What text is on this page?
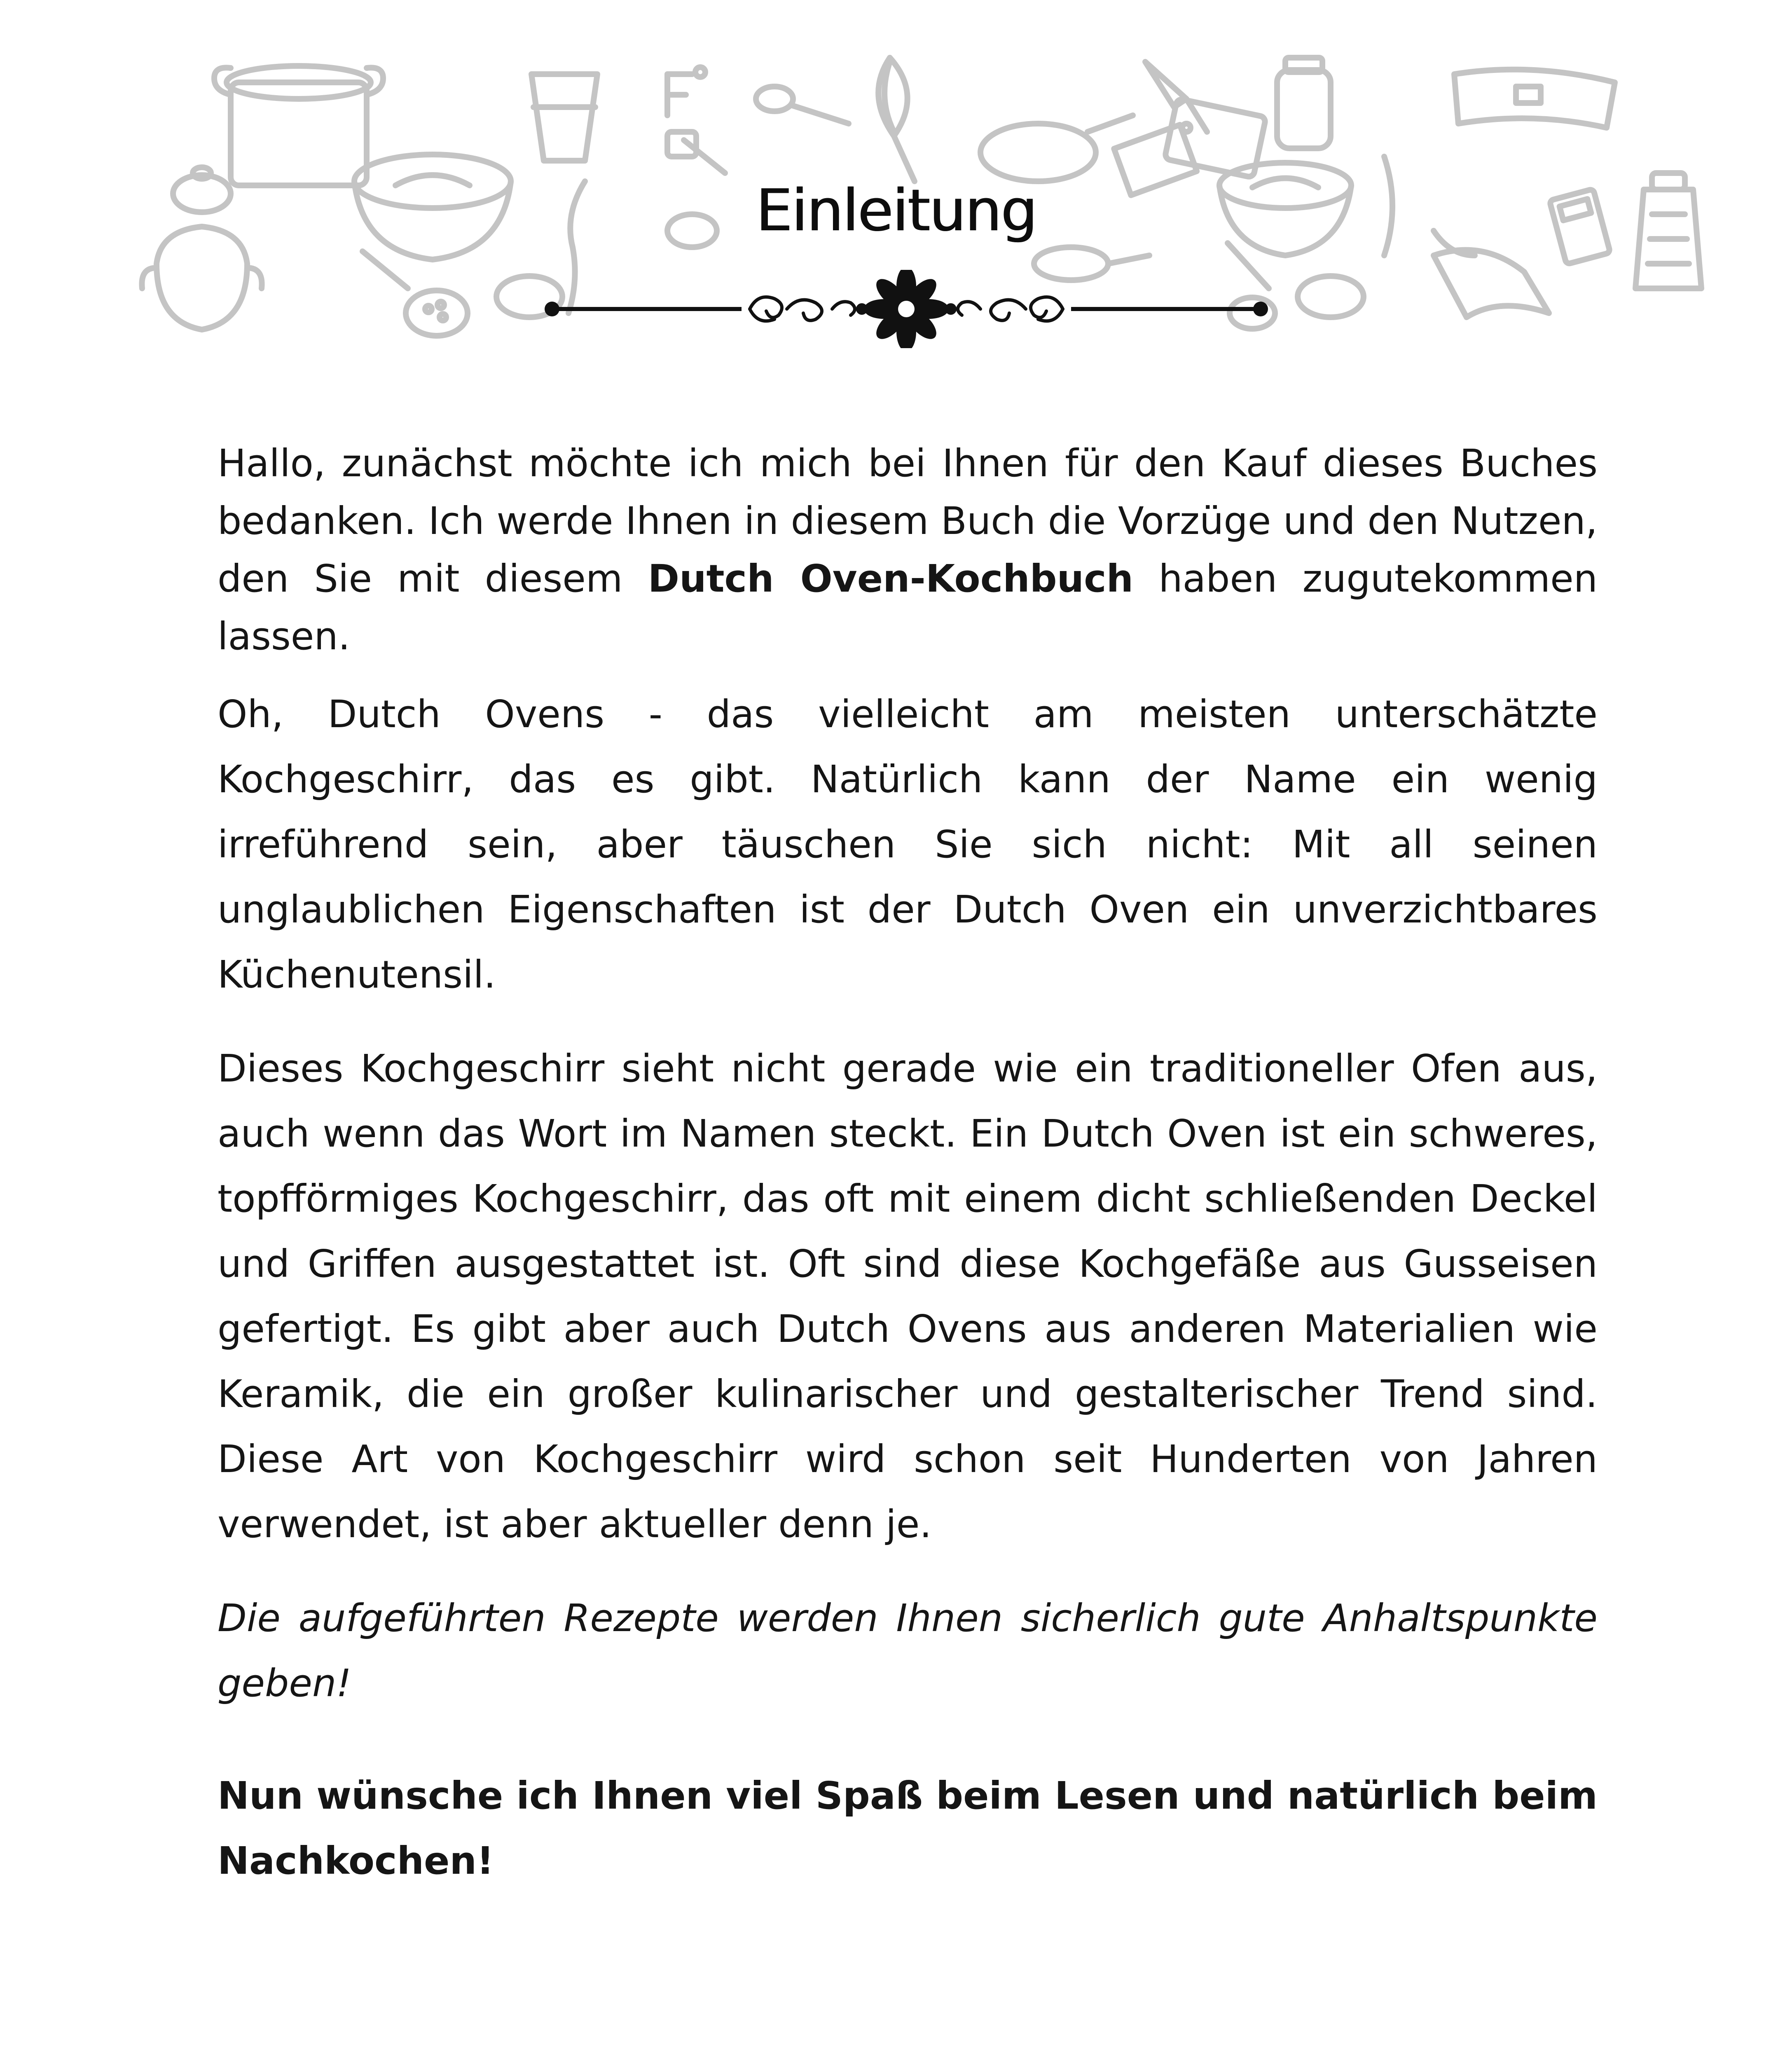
Einleitung

Hallo, zunächst möchte ich mich bei Ihnen für den Kauf dieses Buches bedanken. Ich werde Ihnen in diesem Buch die Vorzüge und den Nutzen, den Sie mit diesem Dutch Oven-Kochbuch haben zugutekommen lassen.

Oh, Dutch Ovens - das vielleicht am meisten unterschätzte Kochgeschirr, das es gibt. Natürlich kann der Name ein wenig irreführend sein, aber täuschen Sie sich nicht: Mit all seinen unglaublichen Eigenschaften ist der Dutch Oven ein unverzichtbares Küchenutensil.

Dieses Kochgeschirr sieht nicht gerade wie ein traditioneller Ofen aus, auch wenn das Wort im Namen steckt. Ein Dutch Oven ist ein schweres, topfförmiges Kochgeschirr, das oft mit einem dicht schließenden Deckel und Griffen ausgestattet ist. Oft sind diese Kochgefäße aus Gusseisen gefertigt. Es gibt aber auch Dutch Ovens aus anderen Materialien wie Keramik, die ein großer kulinarischer und gestalterischer Trend sind. Diese Art von Kochgeschirr wird schon seit Hunderten von Jahren verwendet, ist aber aktueller denn je.

Die aufgeführten Rezepte werden Ihnen sicherlich gute Anhaltspunkte geben!

Nun wünsche ich Ihnen viel Spaß beim Lesen und natürlich beim Nachkochen!
